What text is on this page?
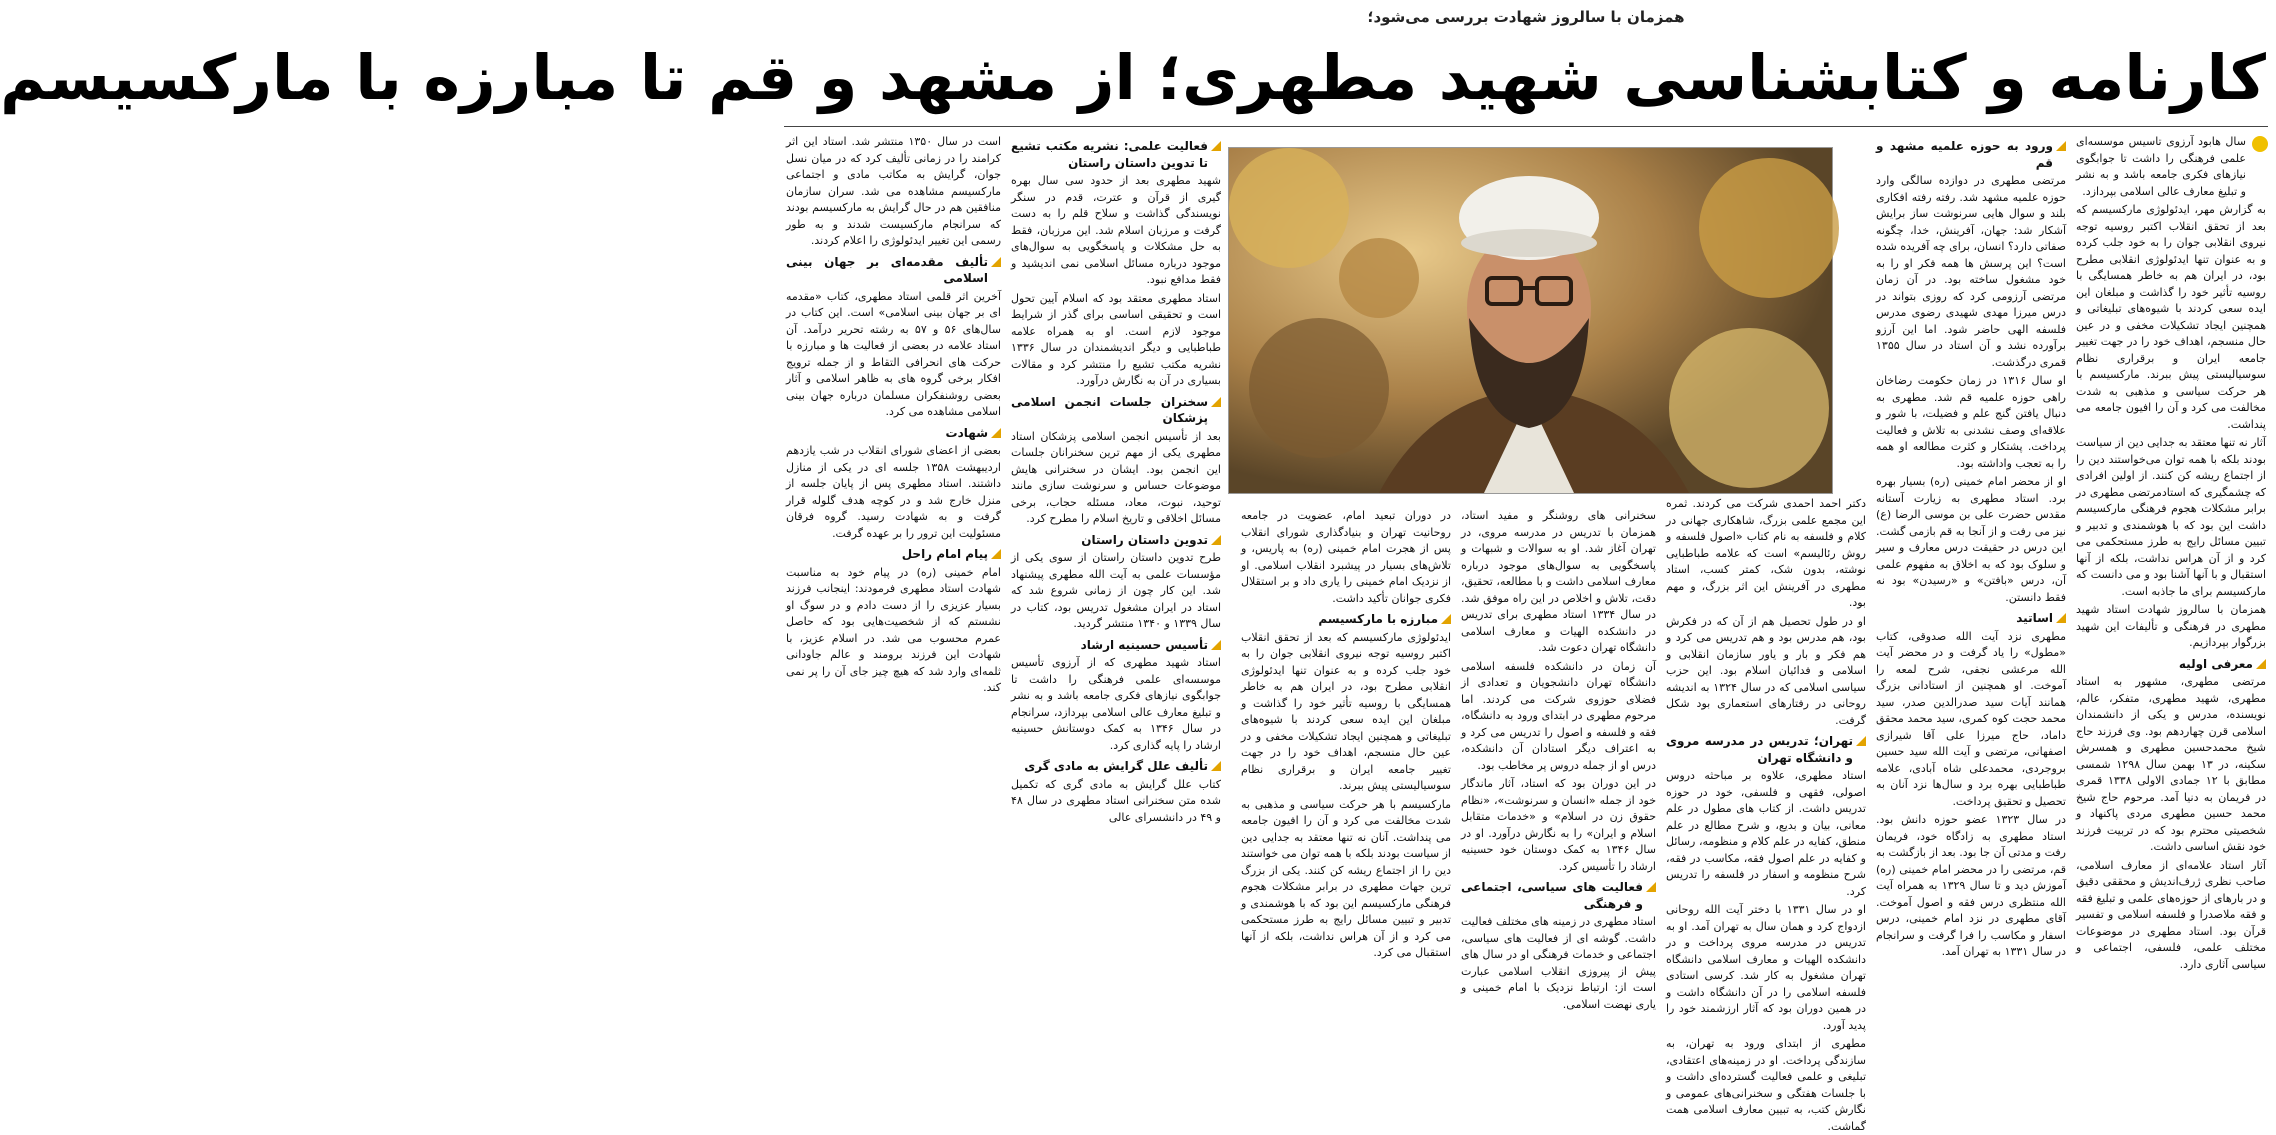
همزمان با سالروز شهادت بررسی می‌شود؛
کارنامه و کتابشناسی شهید مطهری؛ از مشهد و قم تا مبارزه با مارکسیسم

سال هابود آرزوی تاسیس موسسه‌ای علمی فرهنگی را داشت تا جوابگوی نیازهای فکری جامعه باشد و به نشر و تبلیغ معارف عالی اسلامی بپردازد.

به گزارش مهر، ایدئولوژی مارکسیسم که بعد از تحقق انقلاب اکتبر روسیه توجه نیروی انقلابی جوان را به خود جلب کرده و به عنوان تنها ایدئولوژی انقلابی مطرح بود، در ایران هم به خاطر همسایگی با روسیه تأثیر خود را گذاشت و مبلغان این ایده سعی کردند با شیوه‌های تبلیغاتی و همچنین ایجاد تشکیلات مخفی و در عین حال منسجم، اهداف خود را در جهت تغییر جامعه ایران و برقراری نظام سوسیالیستی پیش ببرند. مارکسیسم با هر حرکت سیاسی و مذهبی به شدت مخالفت می کرد و آن را افیون جامعه می پنداشت.

آثار نه تنها معتقد به جدایی دین از سیاست بودند بلکه با همه توان می‌خواستند دین را از اجتماع ریشه کن کنند. از اولین افرادی که چشمگیری که استادمرتضی مطهری در برابر مشکلات هجوم فرهنگی مارکسیسم داشت این بود که با هوشمندی و تدبیر و تبیین مسائل رایج به طرز مستحکمی می کرد و از آن هراس نداشت، بلکه از آنها استقبال و با آنها آشنا بود و می دانست که مارکسیسم برای ما جاذبه است.

همزمان با سالروز شهادت استاد شهید مطهری در فرهنگی و تألیفات این شهید بزرگوار بپردازیم.

معرفی اولیه

مرتضی مطهری، مشهور به استاد مطهری، شهید مطهری، متفکر، عالم، نویسنده، مدرس و یکی از دانشمندان اسلامی قرن چهاردهم بود. وی فرزند حاج شیخ محمدحسین مطهری و همسرش سکینه، در ۱۳ بهمن سال ۱۲۹۸ شمسی مطابق با ۱۲ جمادی الاولی ۱۳۳۸ قمری در فریمان به دنیا آمد. مرحوم حاج شیخ محمد حسین مطهری مردی پاکنهاد و شخصیتی محترم بود که در تربیت فرزند خود نقش اساسی داشت.

آثار استاد علامه‌ای از معارف اسلامی، صاحب نظری ژرف‌اندیش و محققی دقیق و در بارهای از حوزه‌های علمی و تبلیغ فقه و فقه ملاصدرا و فلسفه اسلامی و تفسیر قرآن بود. استاد مطهری در موضوعات مختلف علمی، فلسفی، اجتماعی و سیاسی آثاری دارد.

ورود به حوزه علمیه مشهد و قم

مرتضی مطهری در دوازده سالگی وارد حوزه علمیه مشهد شد. رفته رفته افکاری بلند و سوال هایی سرنوشت ساز برایش آشکار شد: جهان، آفرینش، خدا، چگونه صفاتی دارد؟ انسان، برای چه آفریده شده است؟ این پرسش ها همه فکر او را به خود مشغول ساخته بود. در آن زمان مرتضی آرزومی کرد که روزی بتواند در درس میرزا مهدی شهیدی رضوی مدرس فلسفه الهی حاضر شود. اما این آرزو برآورده نشد و آن استاد در سال ۱۳۵۵ قمری درگذشت.

او سال ۱۳۱۶ در زمان حکومت رضاخان راهی حوزه علمیه قم شد. مطهری به دنبال یافتن گنج علم و فضیلت، با شور و علاقه‌ای وصف نشدنی به تلاش و فعالیت پرداخت. پشتکار و کثرت مطالعه او همه را به تعجب واداشته بود.

او از محضر امام خمینی (ره) بسیار بهره برد. استاد مطهری به زیارت آستانه مقدس حضرت علی بن موسی الرضا (ع) نیز می رفت و از آنجا به قم بازمی گشت. این درس در حقیقت درس معارف و سیر و سلوک بود که به اخلاق به مفهوم علمی آن، درس «بافتن» و «رسیدن» بود نه فقط دانستن.

اساتید

مطهری نزد آیت الله صدوقی، کتاب «مطول» را یاد گرفت و در محضر آیت الله مرعشی نجفی، شرح لمعه را آموخت. او همچنین از استادانی بزرگ همانند آیات سید صدرالدین صدر، سید محمد حجت کوه کمری، سید محمد محقق داماد، حاج میرزا علی آقا شیرازی اصفهانی، مرتضی و آیت الله سید حسین بروجردی، محمدعلی شاه آبادی، علامه طباطبایی بهره برد و سال‌ها نزد آنان به تحصیل و تحقیق پرداخت.

در سال ۱۳۲۳ عضو حوزه دانش بود. استاد مطهری به زادگاه خود، فریمان رفت و مدتی آن جا بود. بعد از بازگشت به قم، مرتضی را در محضر امام خمینی (ره) آموزش دید و تا سال ۱۳۲۹ به همراه آیت الله منتظری درس فقه و اصول آموخت. آقای مطهری در نزد امام خمینی، درس اسفار و مکاسب را فرا گرفت و سرانجام در سال ۱۳۳۱ به تهران آمد.

دکتر احمد احمدی شرکت می کردند. ثمره این مجمع علمی بزرگ، شاهکاری جهانی در کلام و فلسفه به نام کتاب «اصول فلسفه و روش رئالیسم» است که علامه طباطبایی نوشته، بدون شک، کمتر کسب، استاد مطهری در آفرینش این اثر بزرگ، و مهم بود.

او در طول تحصیل هم از آن که در فکرش بود، هم مدرس بود و هم تدریس می کرد و هم فکر و بار و یاور سازمان انقلابی و اسلامی و فدائیان اسلام بود. این حزب سیاسی اسلامی که در سال ۱۳۲۴ به اندیشه روحانی در رفتارهای استعماری بود شکل گرفت.

تهران؛ تدریس در مدرسه مروی و دانشگاه تهران

استاد مطهری، علاوه بر مباحثه دروس اصولی، فقهی و فلسفی، خود در حوزه تدریس داشت. از کتاب های مطول در علم معانی، بیان و بدیع، و شرح مطالع در علم منطق، کفایه در علم کلام و منظومه، رسائل و کفایه در علم اصول فقه، مکاسب در فقه، شرح منظومه و اسفار در فلسفه را تدریس کرد.

او در سال ۱۳۳۱ با دختر آیت الله روحانی ازدواج کرد و همان سال به تهران آمد. او به تدریس در مدرسه مروی پرداخت و در دانشکده الهیات و معارف اسلامی دانشگاه تهران مشغول به کار شد. کرسی استادی فلسفه اسلامی را در آن دانشگاه داشت و در همین دوران بود که آثار ارزشمند خود را پدید آورد.

مطهری از ابتدای ورود به تهران، به سازندگی پرداخت. او در زمینه‌های اعتقادی، تبلیغی و علمی فعالیت گسترده‌ای داشت و با جلسات هفتگی و سخنرانی‌های عمومی و نگارش کتب، به تبیین معارف اسلامی همت گماشت.

سخنرانی های روشنگر و مفید استاد، همزمان با تدریس در مدرسه مروی، در تهران آغاز شد. او به سوالات و شبهات و پاسخگویی به سوال‌های موجود درباره معارف اسلامی داشت و با مطالعه، تحقیق، دقت، تلاش و اخلاص در این راه موفق شد. در سال ۱۳۳۴ استاد مطهری برای تدریس در دانشکده الهیات و معارف اسلامی دانشگاه تهران دعوت شد.

آن زمان در دانشکده فلسفه اسلامی دانشگاه تهران دانشجویان و تعدادی از فضلای حوزوی شرکت می کردند. اما مرحوم مطهری در ابتدای ورود به دانشگاه، فقه و فلسفه و اصول را تدریس می کرد و به اعتراف دیگر استادان آن دانشکده، درس او از جمله دروس پر مخاطب بود.

در این دوران بود که استاد، آثار ماندگار خود از جمله «انسان و سرنوشت»، «نظام حقوق زن در اسلام» و «خدمات متقابل اسلام و ایران» را به نگارش درآورد. او در سال ۱۳۴۶ به کمک دوستان خود حسینیه ارشاد را تأسیس کرد.

فعالیت های سیاسی، اجتماعی و فرهنگی

استاد مطهری در زمینه های مختلف فعالیت داشت. گوشه ای از فعالیت های سیاسی، اجتماعی و خدمات فرهنگی او در سال های پیش از پیروزی انقلاب اسلامی عبارت است از: ارتباط نزدیک با امام خمینی و یاری نهضت اسلامی.

در دوران تبعید امام، عضویت در جامعه روحانیت تهران و بنیادگذاری شورای انقلاب پس از هجرت امام خمینی (ره) به پاریس، و تلاش‌های بسیار در پیشبرد انقلاب اسلامی. او از نزدیک امام خمینی را یاری داد و بر استقلال فکری جوانان تأکید داشت.

مبارزه با مارکسیسم

ایدئولوژی مارکسیسم که بعد از تحقق انقلاب اکتبر روسیه توجه نیروی انقلابی جوان را به خود جلب کرده و به عنوان تنها ایدئولوژی انقلابی مطرح بود، در ایران هم به خاطر همسایگی با روسیه تأثیر خود را گذاشت و مبلغان این ایده سعی کردند با شیوه‌های تبلیغاتی و همچنین ایجاد تشکیلات مخفی و در عین حال منسجم، اهداف خود را در جهت تغییر جامعه ایران و برقراری نظام سوسیالیستی پیش ببرند.

مارکسیسم با هر حرکت سیاسی و مذهبی به شدت مخالفت می کرد و آن را افیون جامعه می پنداشت. آنان نه تنها معتقد به جدایی دین از سیاست بودند بلکه با همه توان می خواستند دین را از اجتماع ریشه کن کنند. یکی از بزرگ ترین جهات مطهری در برابر مشکلات هجوم فرهنگی مارکسیسم این بود که با هوشمندی و تدبیر و تبیین مسائل رایج به طرز مستحکمی می کرد و از آن هراس نداشت، بلکه از آنها استقبال می کرد.

فعالیت علمی: نشریه مکتب تشیع تا تدوین داستان راستان

شهید مطهری بعد از حدود سی سال بهره گیری از قرآن و عترت، قدم در سنگر نویسندگی گذاشت و سلاح قلم را به دست گرفت و مرزبان اسلام شد. این مرزبان، فقط به حل مشکلات و پاسخگویی به سوال‌های موجود درباره مسائل اسلامی نمی اندیشید و فقط مدافع نبود.

استاد مطهری معتقد بود که اسلام آیین تحول است و تحقیقی اساسی برای گذر از شرایط موجود لازم است. او به همراه علامه طباطبایی و دیگر اندیشمندان در سال ۱۳۳۶ نشریه مکتب تشیع را منتشر کرد و مقالات بسیاری در آن به نگارش درآورد.

سخنران جلسات انجمن اسلامی پزشکان

بعد از تأسیس انجمن اسلامی پزشکان استاد مطهری یکی از مهم ترین سخنرانان جلسات این انجمن بود. ایشان در سخنرانی هایش موضوعات حساس و سرنوشت سازی مانند توحید، نبوت، معاد، مسئله حجاب، برخی مسائل اخلاقی و تاریخ اسلام را مطرح کرد.

تدوین داستان راستان

طرح تدوین داستان راستان از سوی یکی از مؤسسات علمی به آیت الله مطهری پیشنهاد شد. این کار چون از زمانی شروع شد که استاد در ایران مشغول تدریس بود، کتاب در سال ۱۳۳۹ و ۱۳۴۰ منتشر گردید.

تأسیس حسینیه ارشاد

استاد شهید مطهری که از آرزوی تأسیس موسسه‌ای علمی فرهنگی را داشت تا جوابگوی نیازهای فکری جامعه باشد و به نشر و تبلیغ معارف عالی اسلامی بپردازد، سرانجام در سال ۱۳۴۶ به کمک دوستانش حسینیه ارشاد را پایه گذاری کرد.

تألیف علل گرایش به مادی گری

کتاب علل گرایش به مادی گری که تکمیل شده متن سخنرانی استاد مطهری در سال ۴۸ و ۴۹ در دانشسرای عالی

است در سال ۱۳۵۰ منتشر شد. استاد این اثر کرامند را در زمانی تألیف کرد که در میان نسل جوان، گرایش به مکاتب مادی و اجتماعی مارکسیسم مشاهده می شد. سران سازمان منافقین هم در حال گرایش به مارکسیسم بودند که سرانجام مارکسیست شدند و به طور رسمی این تغییر ایدئولوژی را اعلام کردند.

تألیف مقدمه‌ای بر جهان بینی اسلامی

آخرین اثر قلمی استاد مطهری، کتاب «مقدمه ای بر جهان بینی اسلامی» است. این کتاب در سال‌های ۵۶ و ۵۷ به رشته تحریر درآمد. آن استاد علامه در بعضی از فعالیت ها و مبارزه با حرکت های انحرافی التقاط و از جمله ترویج افکار برخی گروه های به ظاهر اسلامی و آثار بعضی روشنفکران مسلمان درباره جهان بینی اسلامی مشاهده می کرد.

شهادت

بعضی از اعضای شورای انقلاب در شب یازدهم اردیبهشت ۱۳۵۸ جلسه ای در یکی از منازل داشتند. استاد مطهری پس از پایان جلسه از منزل خارج شد و در کوچه هدف گلوله قرار گرفت و به شهادت رسید. گروه فرقان مسئولیت این ترور را بر عهده گرفت.

پیام امام راحل

امام خمینی (ره) در پیام خود به مناسبت شهادت استاد مطهری فرمودند: اینجانب فرزند بسیار عزیزی را از دست دادم و در سوگ او نشستم که از شخصیت‌هایی بود که حاصل عمرم محسوب می شد. در اسلام عزیز، با شهادت این فرزند برومند و عالم جاودانی ثلمه‌ای وارد شد که هیچ چیز جای آن را پر نمی کند.
